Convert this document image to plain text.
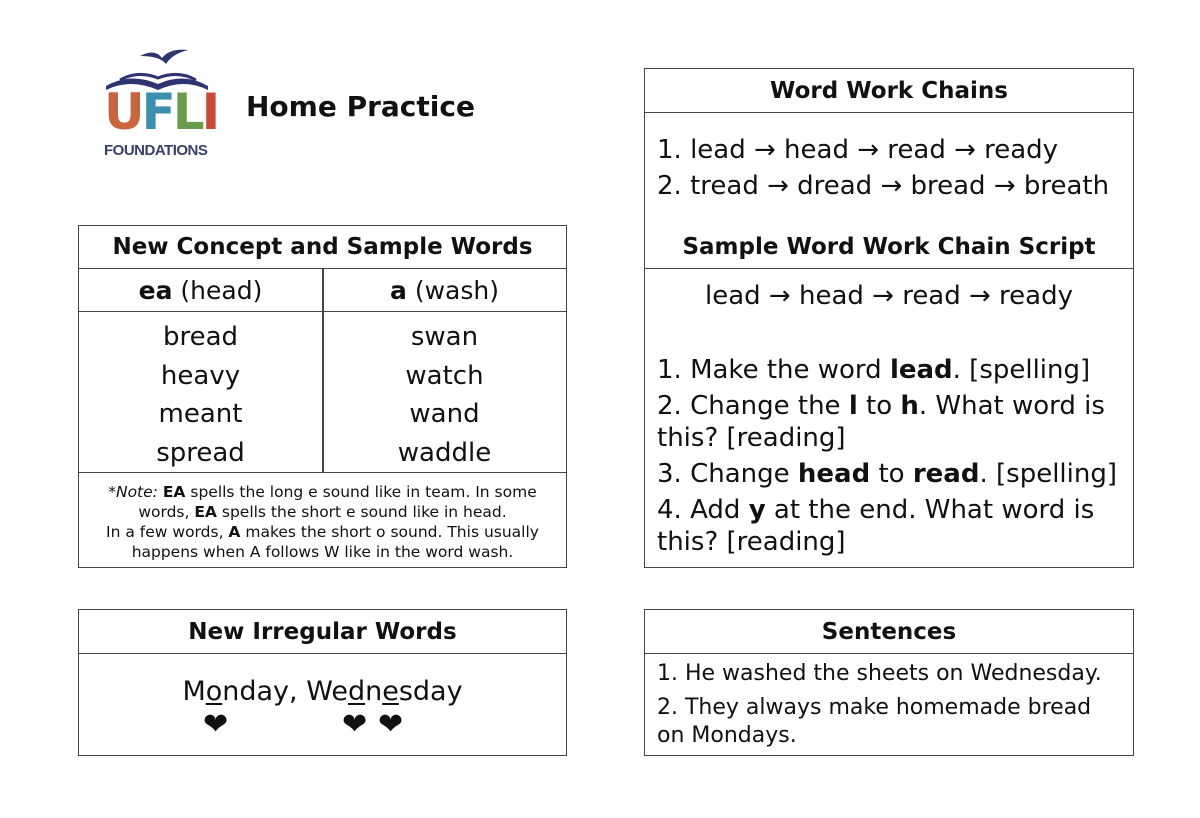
UFLI
FOUNDATIONS
Home Practice
New Concept and Sample Words
ea (head)	a (wash)
bread
heavy
meant
spread
swan
watch
wand
waddle
*Note: EA spells the long e sound like in team. In some words, EA spells the short e sound like in head.
In a few words, A makes the short o sound. This usually happens when A follows W like in the word wash.
New Irregular Words
Monday, Wednesday
❤	❤ ❤
Word Work Chains
1. lead → head → read → ready
2. tread → dread → bread → breath
Sample Word Work Chain Script
lead → head → read → ready
1. Make the word lead. [spelling]
2. Change the l to h. What word is this? [reading]
3. Change head to read. [spelling]
4. Add y at the end. What word is this? [reading]
Sentences
1. He washed the sheets on Wednesday.
2. They always make homemade bread on Mondays.
